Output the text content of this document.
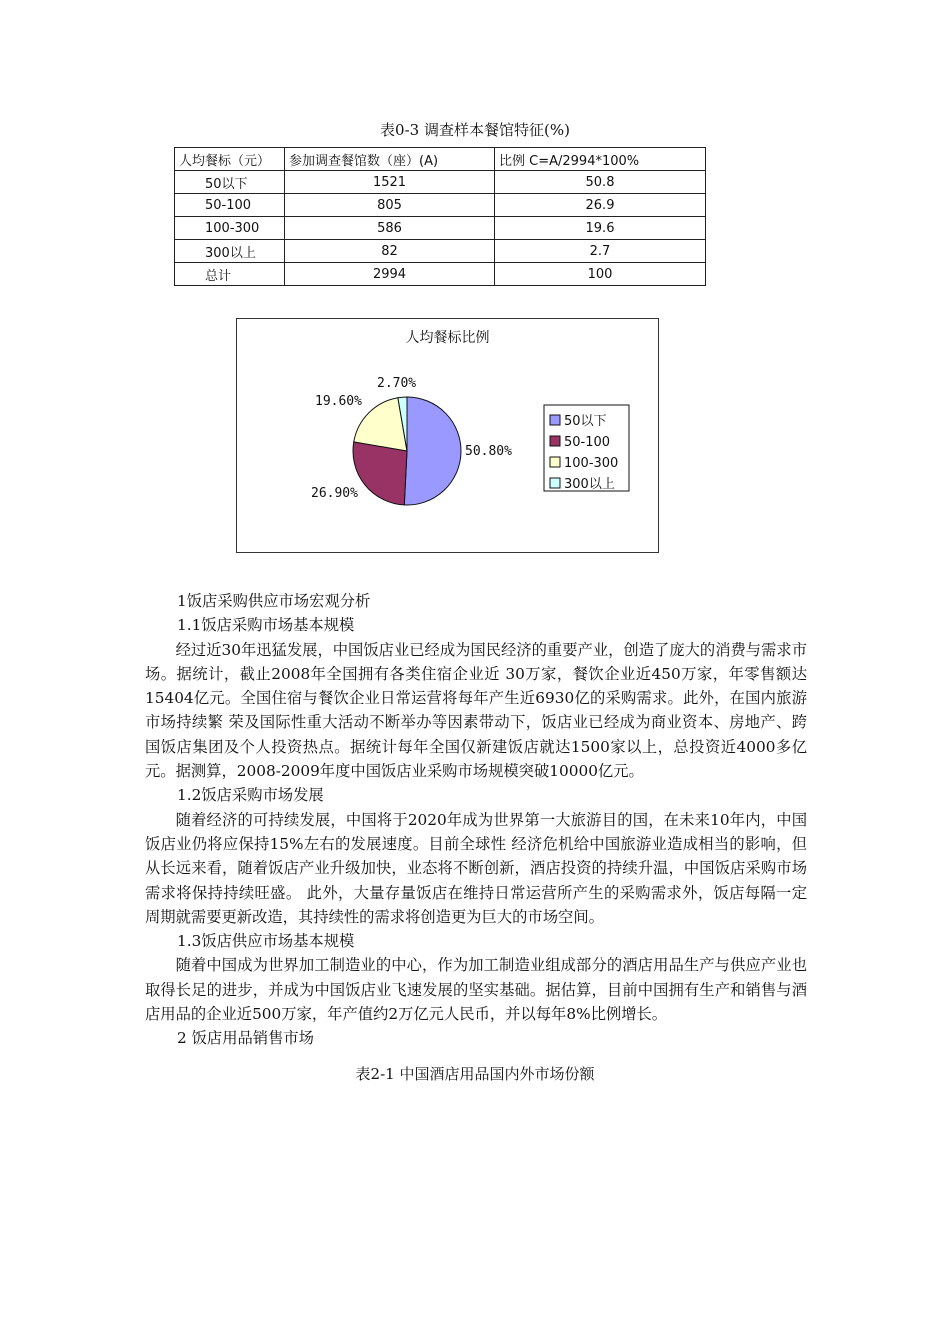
表0-3 调查样本餐馆特征(%)
人均餐标（元）	参加调查餐馆数（座）(A)	比例 C=A/2994*100%
50以下	1521	50.8
50-100	805	26.9
100-300	586	19.6
300以上	82	2.7
总计	2994	100
人均餐标比例
50.80%
26.90%
19.60%
2.70%
50以下
50-100
100-300
300以上

1饭店采购供应市场宏观分析

1.1饭店采购市场基本规模

经过近30年迅猛发展，中国饭店业已经成为国民经济的重要产业，创造了庞大的消费与需求市场。据统计，截止2008年全国拥有各类住宿企业近 30万家，餐饮企业近450万家，年零售额达15404亿元。全国住宿与餐饮企业日常运营将每年产生近6930亿的采购需求。此外，在国内旅游市场持续繁 荣及国际性重大活动不断举办等因素带动下，饭店业已经成为商业资本、房地产、跨国饭店集团及个人投资热点。据统计每年全国仅新建饭店就达1500家以上，总投资近4000多亿元。据测算，2008-2009年度中国饭店业采购市场规模突破10000亿元。

1.2饭店采购市场发展

随着经济的可持续发展，中国将于2020年成为世界第一大旅游目的国，在未来10年内，中国饭店业仍将应保持15%左右的发展速度。目前全球性 经济危机给中国旅游业造成相当的影响，但从长远来看，随着饭店产业升级加快，业态将不断创新，酒店投资的持续升温，中国饭店采购市场需求将保持持续旺盛。 此外，大量存量饭店在维持日常运营所产生的采购需求外，饭店每隔一定周期就需要更新改造，其持续性的需求将创造更为巨大的市场空间。

1.3饭店供应市场基本规模

随着中国成为世界加工制造业的中心，作为加工制造业组成部分的酒店用品生产与供应产业也取得长足的进步，并成为中国饭店业飞速发展的坚实基础。据估算，目前中国拥有生产和销售与酒店用品的企业近500万家，年产值约2万亿元人民币，并以每年8%比例增长。

2 饭店用品销售市场

表2-1 中国酒店用品国内外市场份额
